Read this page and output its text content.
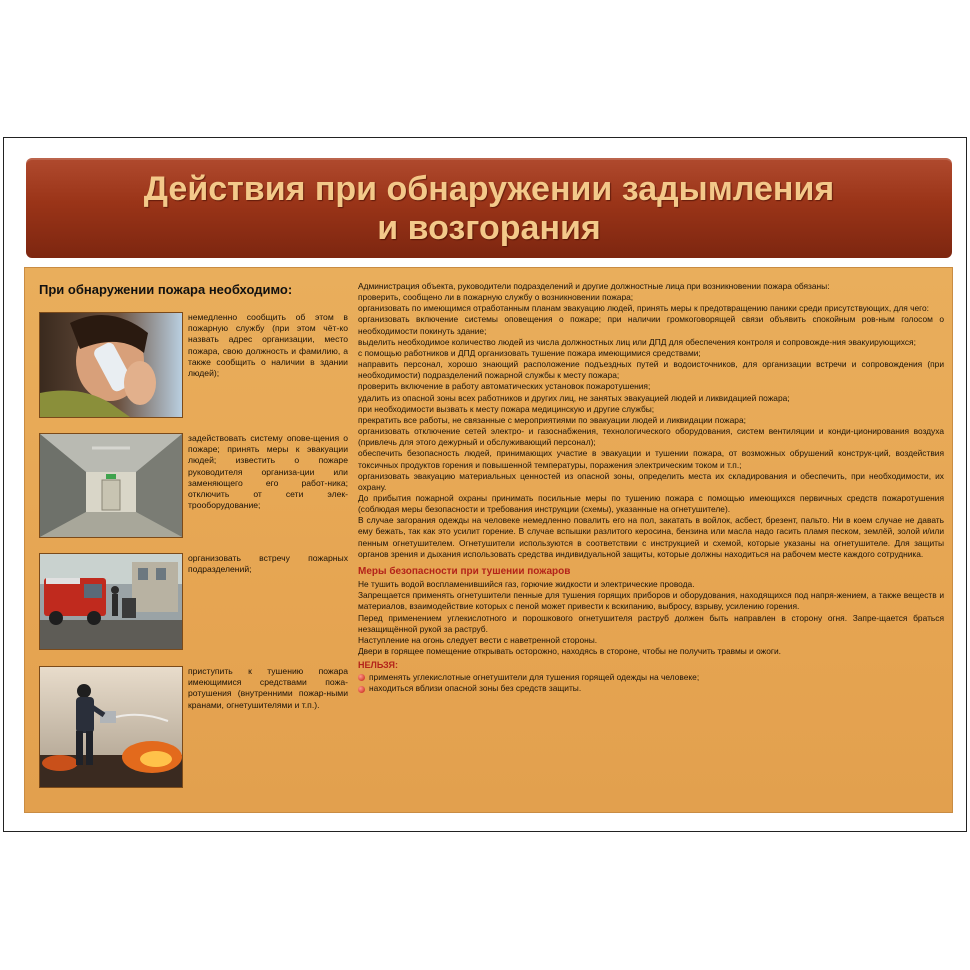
Действия при обнаружении задымления
и возгорания
При обнаружении пожара необходимо:
немедленно сообщить об этом в пожарную службу (при этом чёт-ко назвать адрес организации, место пожара, свою должность и фамилию, а также сообщить о наличии в здании людей);
задействовать систему опове-щения о пожаре; принять меры к эвакуации людей; известить о пожаре руководителя организа-ции или заменяющего его работ-ника; отключить от сети элек-трооборудование;
организовать встречу пожарных подразделений;
приступить к тушению пожара имеющимися средствами пожа-ротушения (внутренними пожар-ными кранами, огнетушителями и т.п.).

Администрация объекта, руководители подразделений и другие должностные лица при возникновении пожара обязаны:

проверить, сообщено ли в пожарную службу о возникновении пожара;

организовать по имеющимся отработанным планам эвакуацию людей, принять меры к предотвращению паники среди присутствующих, для чего:

организовать включение системы оповещения о пожаре; при наличии громкоговорящей связи объявить спокойным ров-ным голосом о необходимости покинуть здание;

выделить необходимое количество людей из числа должностных лиц или ДПД для обеспечения контроля и сопровожде-ния эвакуирующихся;

с помощью работников и ДПД организовать тушение пожара имеющимися средствами;

направить персонал, хорошо знающий расположение подъездных путей и водоисточников, для организации встречи и сопровождения (при необходимости) подразделений пожарной службы к месту пожара;

проверить включение в работу автоматических установок пожаротушения;

удалить из опасной зоны всех работников и других лиц, не занятых эвакуацией людей и ликвидацией пожара;

при необходимости вызвать к месту пожара медицинскую и другие службы;

прекратить все работы, не связанные с мероприятиями по эвакуации людей и ликвидации пожара;

организовать отключение сетей электро- и газоснабжения, технологического оборудования, систем вентиляции и конди-ционирования воздуха (привлечь для этого дежурный и обслуживающий персонал);

обеспечить безопасность людей, принимающих участие в эвакуации и тушении пожара, от возможных обрушений конструк-ций, воздействия токсичных продуктов горения и повышенной температуры, поражения электрическим током и т.п.;

организовать эвакуацию материальных ценностей из опасной зоны, определить места их складирования и обеспечить, при необходимости, их охрану.

До прибытия пожарной охраны принимать посильные меры по тушению пожара с помощью имеющихся первичных средств пожаротушения (соблюдая меры безопасности и требования инструкции (схемы), указанные на огнетушителе).

В случае загорания одежды на человеке немедленно повалить его на пол, закатать в войлок, асбест, брезент, пальто. Ни в коем случае не давать ему бежать, так как это усилит горение. В случае вспышки разлитого керосина, бензина или масла надо гасить пламя песком, землёй, золой и/или пенным огнетушителем. Огнетушители используются в соответствии с инструкцией и схемой, которые указаны на огнетушителе. Для защиты органов зрения и дыхания использовать средства индивидуальной защиты, которые должны находиться на рабочем месте каждого сотрудника.

Меры безопасности при тушении пожаров

Не тушить водой воспламенившийся газ, горючие жидкости и электрические провода.

Запрещается применять огнетушители пенные для тушения горящих приборов и оборудования, находящихся под напря-жением, а также веществ и материалов, взаимодействие которых с пеной может привести к вскипанию, выбросу, взрыву, усилению горения.

Перед применением углекислотного и порошкового огнетушителя раструб должен быть направлен в сторону огня. Запре-щается браться незащищённой рукой за раструб.

Наступление на огонь следует вести с наветренной стороны.

Двери в горящее помещение открывать осторожно, находясь в стороне, чтобы не получить травмы и ожоги.

НЕЛЬЗЯ:

применять углекислотные огнетушители для тушения горящей одежды на человеке;

находиться вблизи опасной зоны без средств защиты.
